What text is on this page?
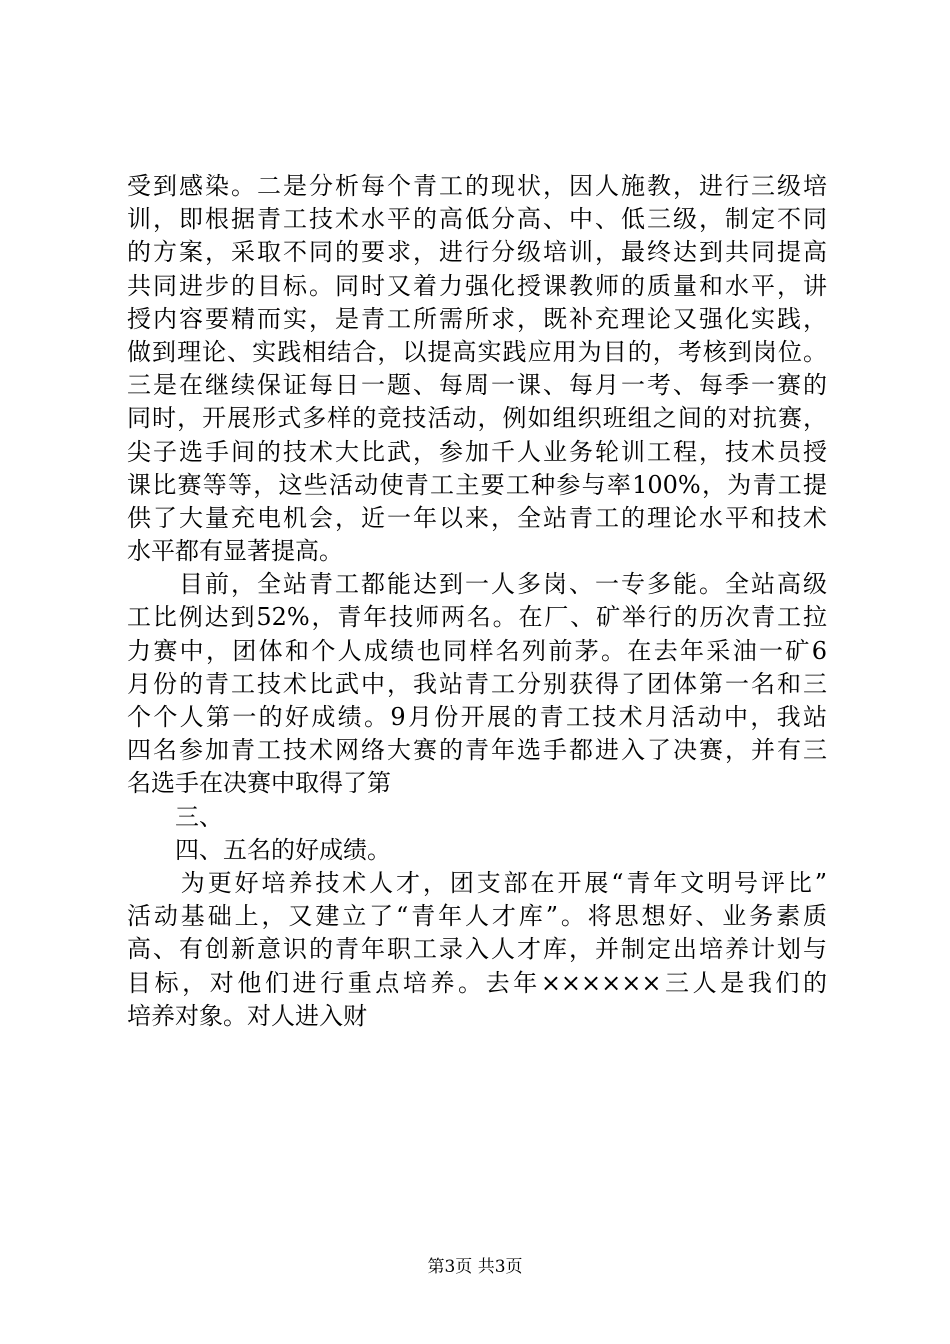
受到感染。二是分析每个青工的现状，因人施教，进行三级培
训，即根据青工技术水平的高低分高、中、低三级，制定不同
的方案，采取不同的要求，进行分级培训，最终达到共同提高
共同进步的目标。同时又着力强化授课教师的质量和水平，讲
授内容要精而实，是青工所需所求，既补充理论又强化实践，
做到理论、实践相结合，以提高实践应用为目的，考核到岗位。
三是在继续保证每日一题、每周一课、每月一考、每季一赛的
同时，开展形式多样的竞技活动，例如组织班组之间的对抗赛，
尖子选手间的技术大比武，参加千人业务轮训工程，技术员授
课比赛等等，这些活动使青工主要工种参与率100%，为青工提
供了大量充电机会，近一年以来，全站青工的理论水平和技术
水平都有显著提高。
　　目前，全站青工都能达到一人多岗、一专多能。全站高级
工比例达到52%，青年技师两名。在厂、矿举行的历次青工拉
力赛中，团体和个人成绩也同样名列前茅。在去年采油一矿6
月份的青工技术比武中，我站青工分别获得了团体第一名和三
个个人第一的好成绩。9月份开展的青工技术月活动中，我站
四名参加青工技术网络大赛的青年选手都进入了决赛，并有三
名选手在决赛中取得了第
　　三、
　　四、五名的好成绩。
　　为更好培养技术人才，团支部在开展“青年文明号评比”
活动基础上，又建立了“青年人才库”。将思想好、业务素质
高、有创新意识的青年职工录入人才库，并制定出培养计划与
目标，对他们进行重点培养。去年××××××三人是我们的
培养对象。对人进入财
第3页 共3页
